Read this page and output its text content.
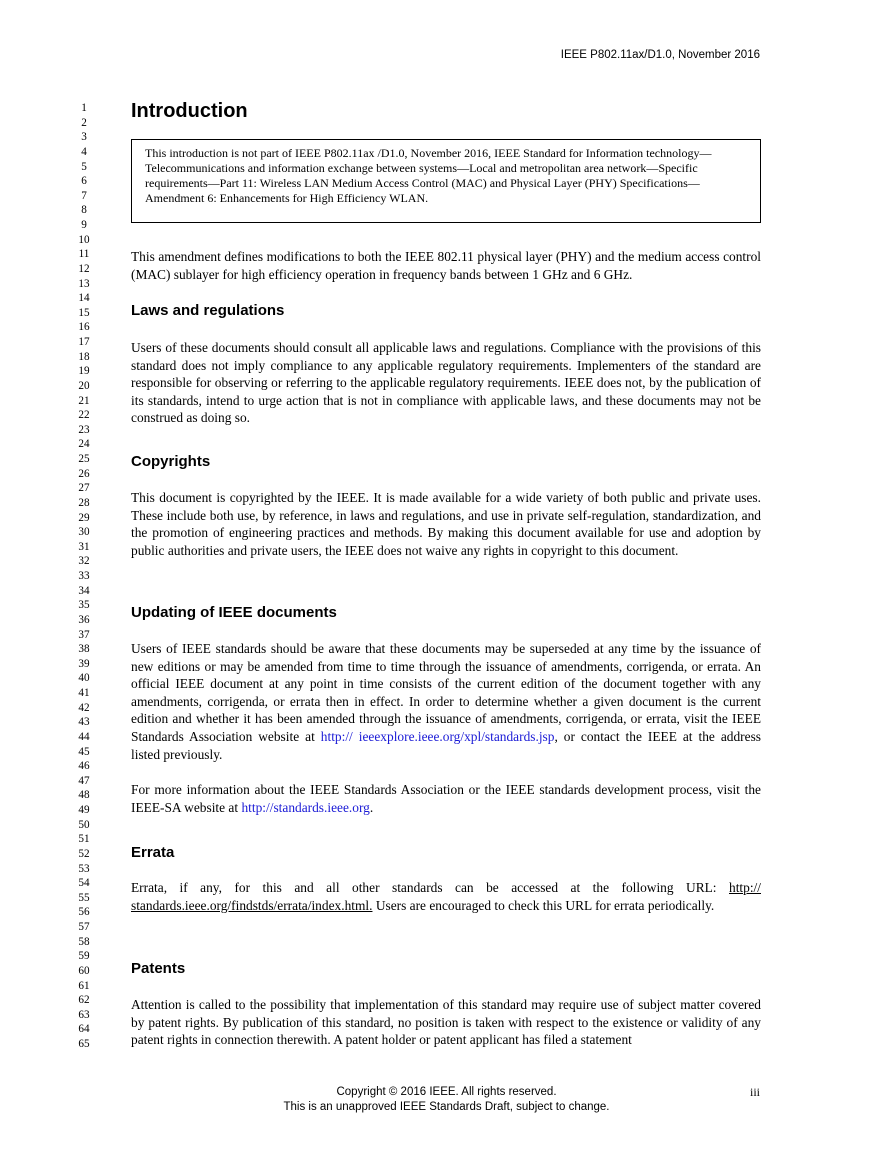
IEEE P802.11ax/D1.0, November 2016
1
2
3
4
5
6
7
8
9
10
11
12
13
14
15
16
17
18
19
20
21
22
23
24
25
26
27
28
29
30
31
32
33
34
35
36
37
38
39
40
41
42
43
44
45
46
47
48
49
50
51
52
53
54
55
56
57
58
59
60
61
62
63
64
65
Introduction
This introduction is not part of IEEE P802.11ax /D1.0, November 2016, IEEE Standard for Information technology—Telecommunications and information exchange between systems—Local and metropolitan area network—Specific requirements—Part 11: Wireless LAN Medium Access Control (MAC) and Physical Layer (PHY) Specifications—Amendment 6: Enhancements for High Efficiency WLAN.

This amendment defines modifications to both the IEEE 802.11 physical layer (PHY) and the medium access control (MAC) sublayer for high efficiency operation in frequency bands between 1 GHz and 6 GHz.

Laws and regulations

Users of these documents should consult all applicable laws and regulations. Compliance with the provisions of this standard does not imply compliance to any applicable regulatory requirements. Implementers of the standard are responsible for observing or referring to the applicable regulatory requirements. IEEE does not, by the publication of its standards, intend to urge action that is not in compliance with applicable laws, and these documents may not be construed as doing so.

Copyrights

This document is copyrighted by the IEEE. It is made available for a wide variety of both public and private uses. These include both use, by reference, in laws and regulations, and use in private self-regulation, standardization, and the promotion of engineering practices and methods. By making this document available for use and adoption by public authorities and private users, the IEEE does not waive any rights in copyright to this document.

Updating of IEEE documents

Users of IEEE standards should be aware that these documents may be superseded at any time by the issuance of new editions or may be amended from time to time through the issuance of amendments, corrigenda, or errata. An official IEEE document at any point in time consists of the current edition of the document together with any amendments, corrigenda, or errata then in effect. In order to determine whether a given document is the current edition and whether it has been amended through the issuance of amendments, corrigenda, or errata, visit the IEEE Standards Association website at http:// ieeexplore.ieee.org/xpl/standards.jsp, or contact the IEEE at the address listed previously.

For more information about the IEEE Standards Association or the IEEE standards development process, visit the IEEE-SA website at http://standards.ieee.org.

Errata

Errata, if any, for this and all other standards can be accessed at the following URL: http:// standards.ieee.org/findstds/errata/index.html. Users are encouraged to check this URL for errata periodically.

Patents

Attention is called to the possibility that implementation of this standard may require use of subject matter covered by patent rights. By publication of this standard, no position is taken with respect to the existence or validity of any patent rights in connection therewith. A patent holder or patent applicant has filed a statement

Copyright © 2016 IEEE. All rights reserved.
This is an unapproved IEEE Standards Draft, subject to change.
iii
